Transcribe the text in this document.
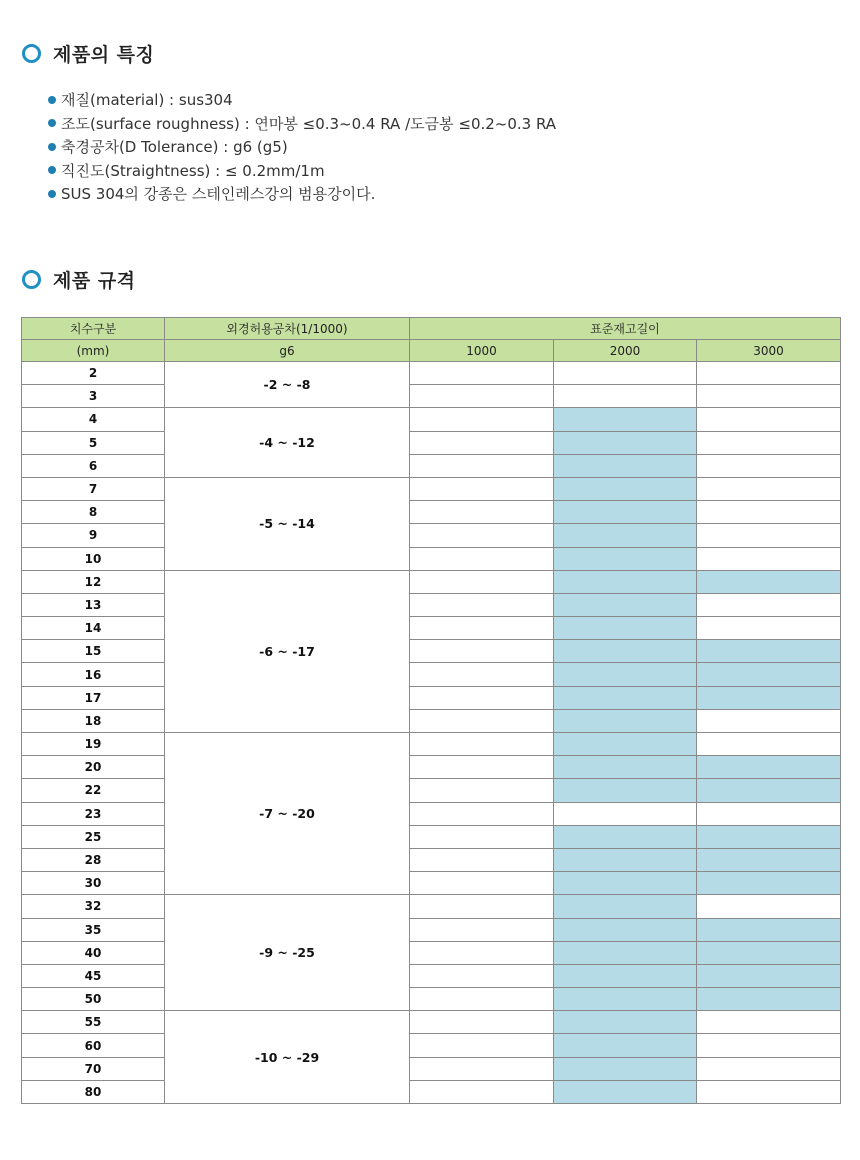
제품의 특징
재질(material) : sus304
조도(surface roughness) : 연마봉 ≤0.3~0.4 RA /도금봉 ≤0.2~0.3 RA
축경공차(D Tolerance) : g6 (g5)
직진도(Straightness) : ≤ 0.2mm/1m
SUS 304의 강종은 스테인레스강의 범용강이다.
제품 규격
치수구분	외경허용공차(1/1000)	표준재고길이		
(mm)	g6	1000	2000	3000
2	-2 ~ -8			
3				
4	-4 ~ -12			
5				
6				
7	-5 ~ -14			
8				
9				
10				
12	-6 ~ -17			
13				
14				
15				
16				
17				
18				
19	-7 ~ -20			
20				
22				
23				
25				
28				
30				
32	-9 ~ -25			
35				
40				
45				
50				
55	-10 ~ -29			
60				
70				
80				
